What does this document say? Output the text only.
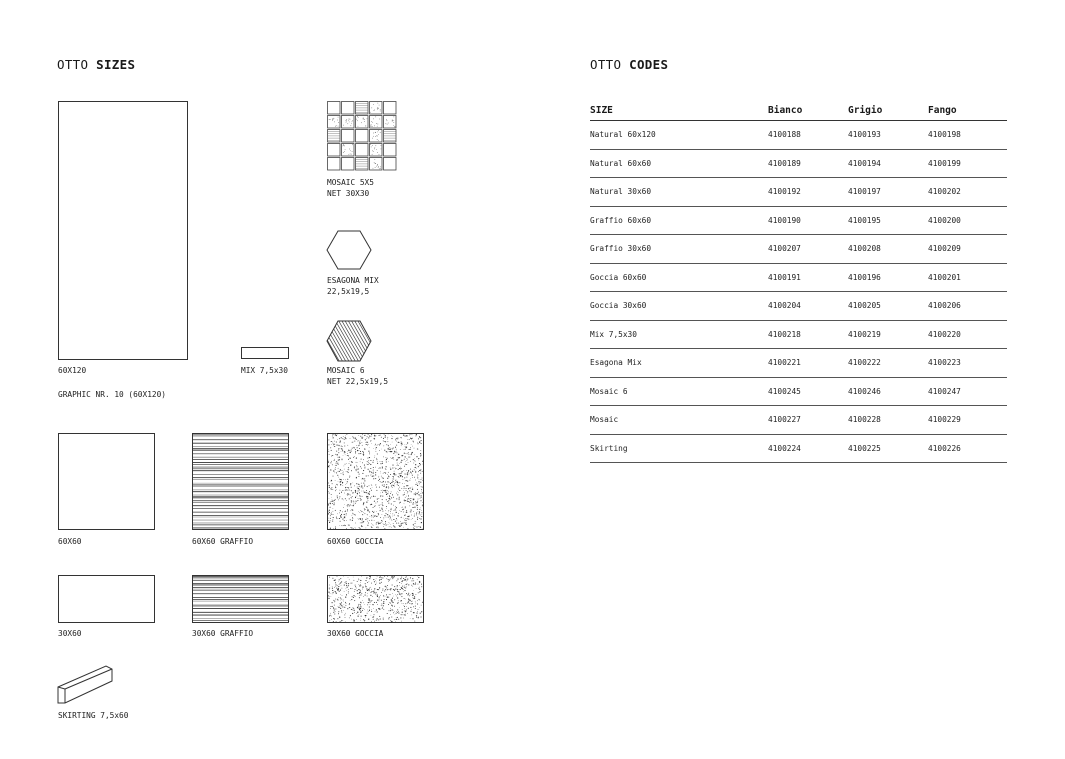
OTTO SIZES
60X120
GRAPHIC NR. 10 (60X120)
MIX 7,5x30
MOSAIC 5X5
NET 30X30
ESAGONA MIX
22,5x19,5
MOSAIC 6
NET 22,5x19,5
60X60	60X60 GRAFFIO	60X60 GOCCIA
30X60	30X60 GRAFFIO	30X60 GOCCIA
SKIRTING 7,5x60
OTTO CODES
SIZE	Bianco	Grigio	Fango
Natural 60x120	4100188	4100193	4100198
Natural 60x60	4100189	4100194	4100199
Natural 30x60	4100192	4100197	4100202
Graffio 60x60	4100190	4100195	4100200
Graffio 30x60	4100207	4100208	4100209
Goccia 60x60	4100191	4100196	4100201
Goccia 30x60	4100204	4100205	4100206
Mix 7,5x30	4100218	4100219	4100220
Esagona Mix	4100221	4100222	4100223
Mosaic 6	4100245	4100246	4100247
Mosaic	4100227	4100228	4100229
Skirting	4100224	4100225	4100226
